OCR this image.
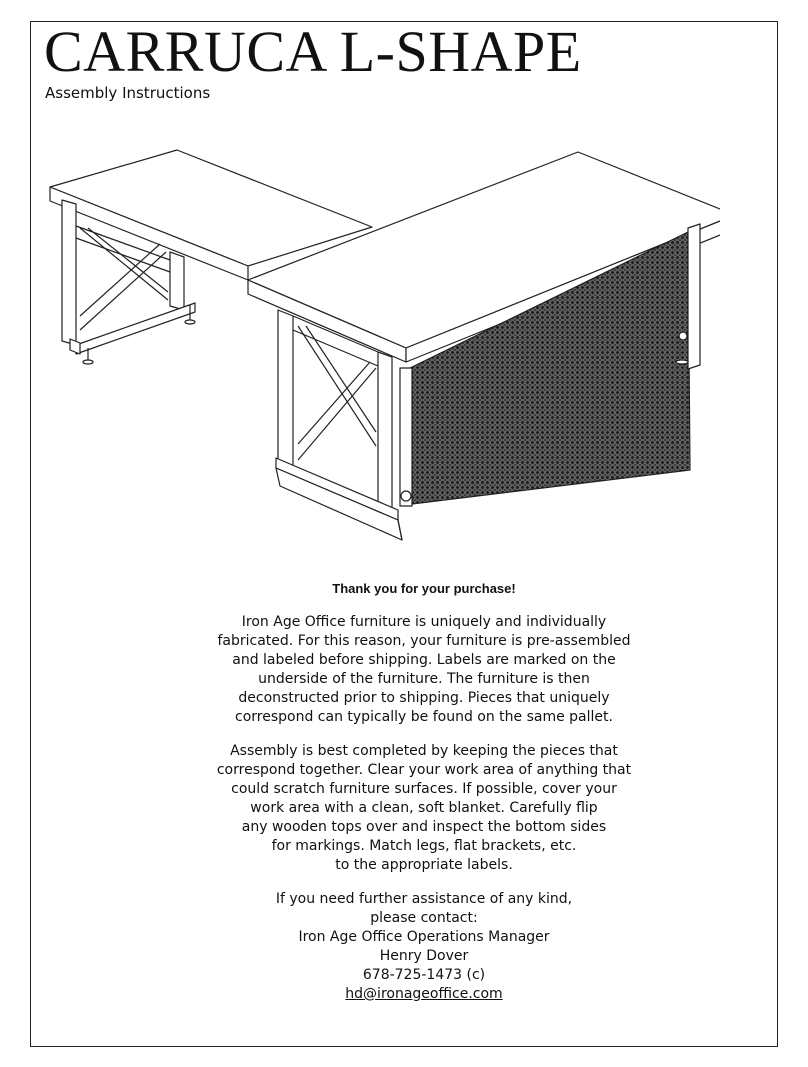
CARRUCA L-SHAPE
Assembly Instructions
Thank you for your purchase!
Iron Age Office furniture is uniquely and individually
fabricated. For this reason, your furniture is pre-assembled
and labeled before shipping. Labels are marked on the
underside of the furniture. The furniture is then
deconstructed prior to shipping. Pieces that uniquely
correspond can typically be found on the same pallet.
Assembly is best completed by keeping the pieces that
correspond together. Clear your work area of anything that
could scratch furniture surfaces. If possible, cover your
work area with a clean, soft blanket. Carefully flip
any wooden tops over and inspect the bottom sides
for markings. Match legs, flat brackets, etc.
to the appropriate labels.
If you need further assistance of any kind,
please contact:
Iron Age Office Operations Manager
Henry Dover
678-725-1473 (c)
hd@ironageoffice.com
